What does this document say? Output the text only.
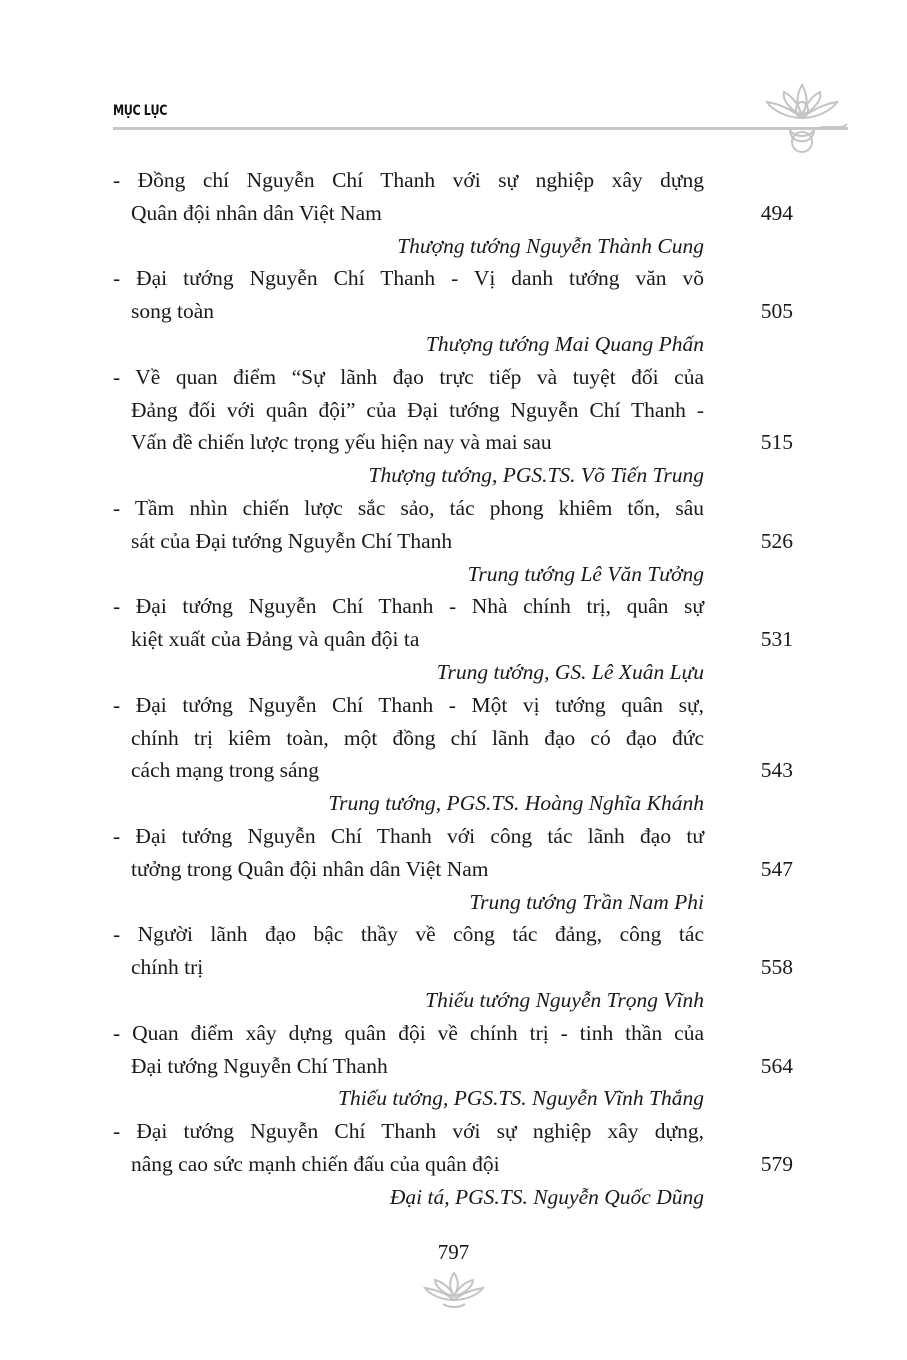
MỤC LỤC
- Đồng chí Nguyễn Chí Thanh với sự nghiệp xây dựng
Quân đội nhân dân Việt Nam	494
Thượng tướng Nguyễn Thành Cung
- Đại tướng Nguyễn Chí Thanh - Vị danh tướng văn võ
song toàn	505
Thượng tướng Mai Quang Phấn
- Về quan điểm “Sự lãnh đạo trực tiếp và tuyệt đối của
Đảng đối với quân đội” của Đại tướng Nguyễn Chí Thanh -
Vấn đề chiến lược trọng yếu hiện nay và mai sau	515
Thượng tướng, PGS.TS. Võ Tiến Trung
- Tầm nhìn chiến lược sắc sảo, tác phong khiêm tốn, sâu
sát của Đại tướng Nguyễn Chí Thanh	526
Trung tướng Lê Văn Tưởng
- Đại tướng Nguyễn Chí Thanh - Nhà chính trị, quân sự
kiệt xuất của Đảng và quân đội ta	531
Trung tướng, GS. Lê Xuân Lựu
- Đại tướng Nguyễn Chí Thanh - Một vị tướng quân sự,
chính trị kiêm toàn, một đồng chí lãnh đạo có đạo đức
cách mạng trong sáng	543
Trung tướng, PGS.TS. Hoàng Nghĩa Khánh
- Đại tướng Nguyễn Chí Thanh với công tác lãnh đạo tư
tưởng trong Quân đội nhân dân Việt Nam	547
Trung tướng Trần Nam Phi
- Người lãnh đạo bậc thầy về công tác đảng, công tác
chính trị	558
Thiếu tướng Nguyễn Trọng Vĩnh
- Quan điểm xây dựng quân đội về chính trị - tinh thần của
Đại tướng Nguyễn Chí Thanh	564
Thiếu tướng, PGS.TS. Nguyễn Vĩnh Thắng
- Đại tướng Nguyễn Chí Thanh với sự nghiệp xây dựng,
nâng cao sức mạnh chiến đấu của quân đội	579
Đại tá, PGS.TS. Nguyễn Quốc Dũng
797
